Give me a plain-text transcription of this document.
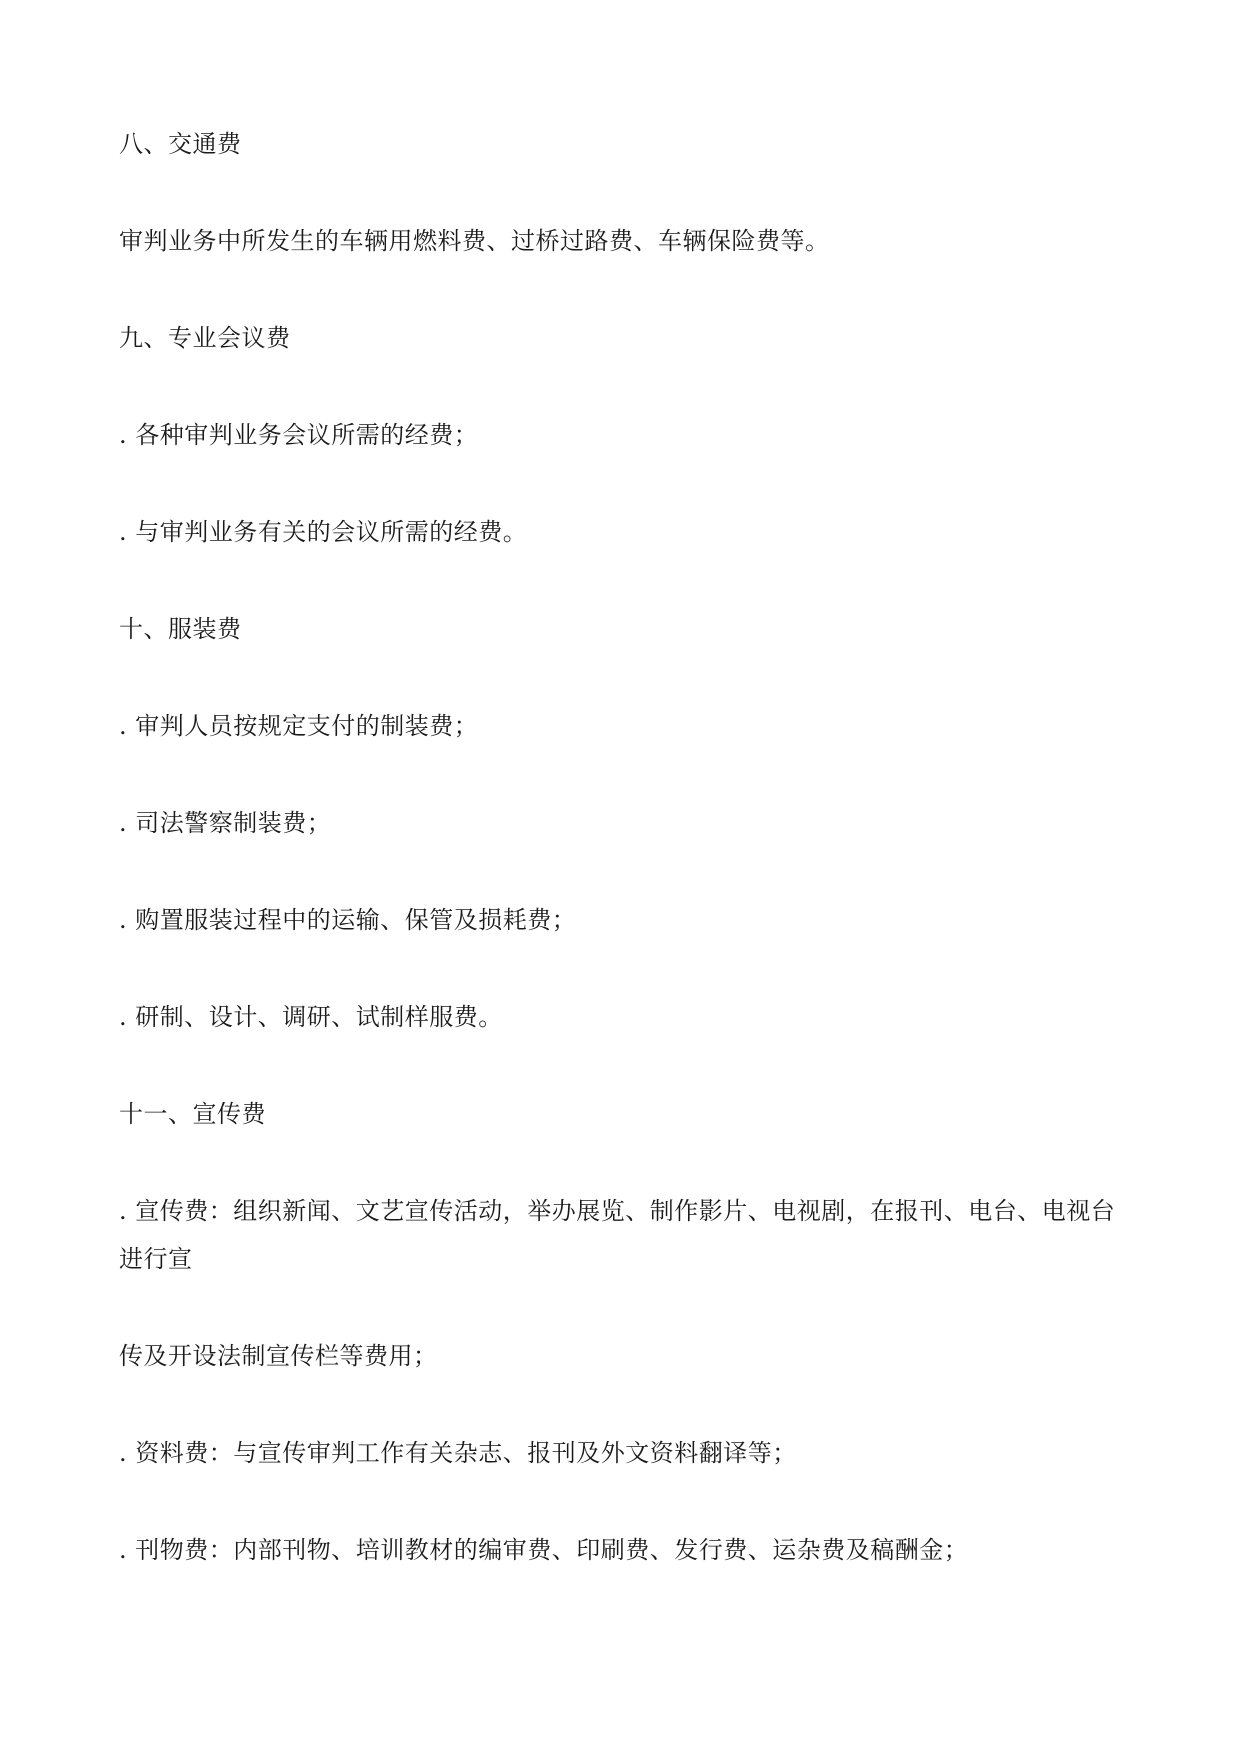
八、交通费
审判业务中所发生的车辆用燃料费、过桥过路费、车辆保险费等。
九、专业会议费
. 各种审判业务会议所需的经费；
. 与审判业务有关的会议所需的经费。
十、服装费
. 审判人员按规定支付的制装费；
. 司法警察制装费；
. 购置服装过程中的运输、保管及损耗费；
. 研制、设计、调研、试制样服费。
十一、宣传费
. 宣传费：组织新闻、文艺宣传活动，举办展览、制作影片、电视剧，在报刊、电台、电视台
进行宣
传及开设法制宣传栏等费用；
. 资料费：与宣传审判工作有关杂志、报刊及外文资料翻译等；
. 刊物费：内部刊物、培训教材的编审费、印刷费、发行费、运杂费及稿酬金；
